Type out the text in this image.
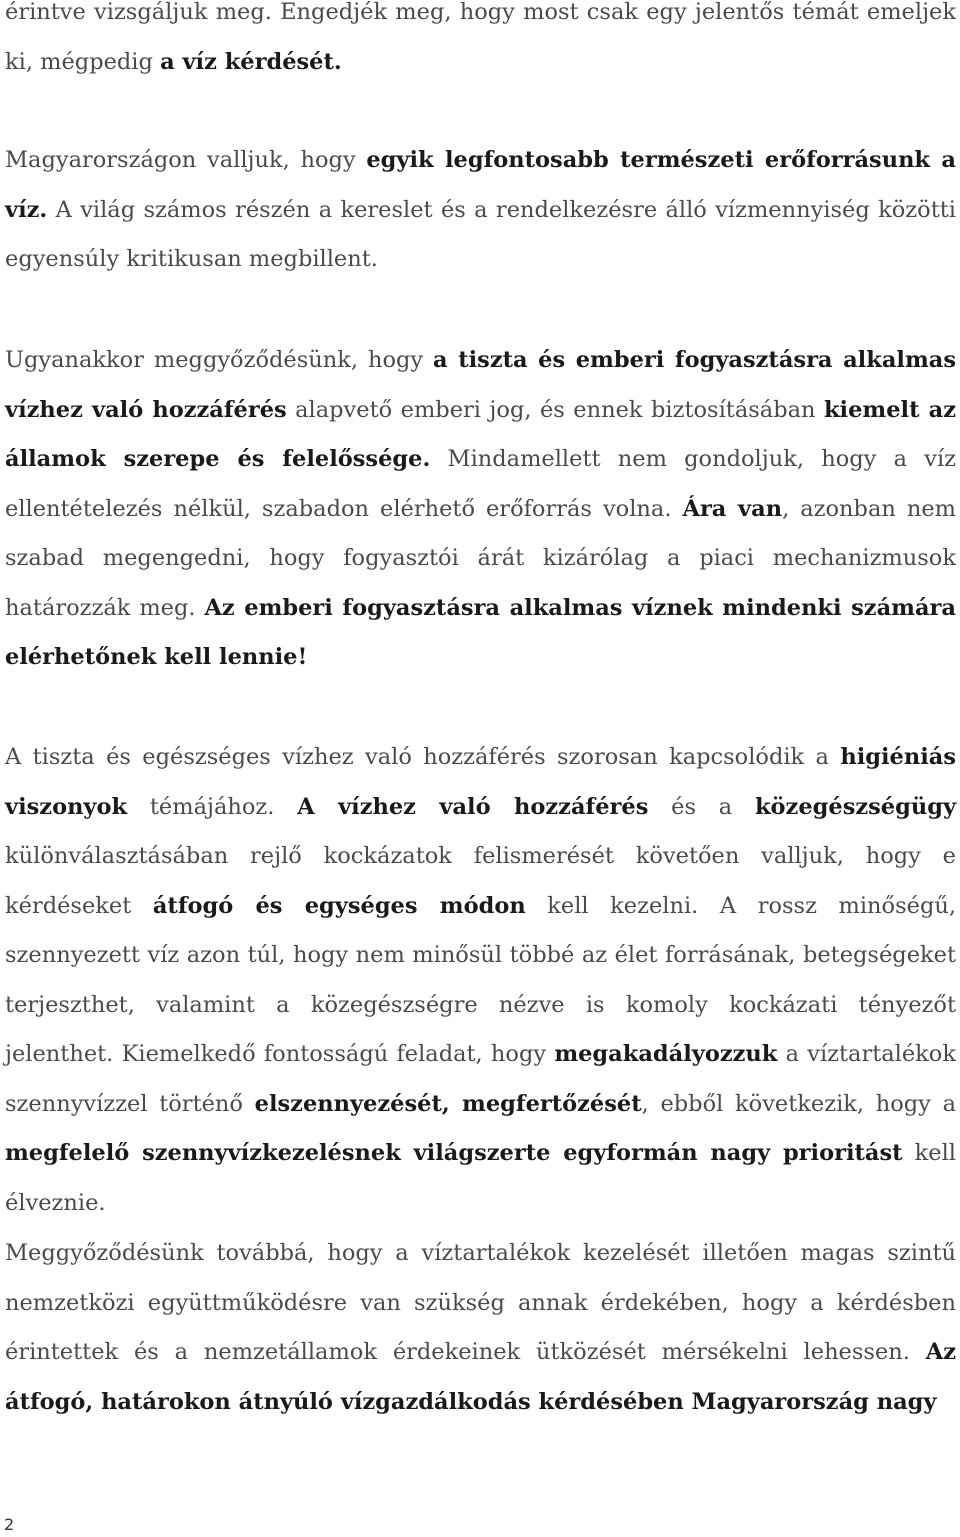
érintve vizsgáljuk meg. Engedjék meg, hogy most csak egy jelentős témát emeljek ki, mégpedig a víz kérdését.

Magyarországon valljuk, hogy egyik legfontosabb természeti erőforrásunk a víz. A világ számos részén a kereslet és a rendelkezésre álló vízmennyiség közötti egyensúly kritikusan megbillent.

Ugyanakkor meggyőződésünk, hogy a tiszta és emberi fogyasztásra alkalmas vízhez való hozzáférés alapvető emberi jog, és ennek biztosításában kiemelt az államok szerepe és felelőssége. Mindamellett nem gondoljuk, hogy a víz ellentételezés nélkül, szabadon elérhető erőforrás volna. Ára van, azonban nem szabad megengedni, hogy fogyasztói árát kizárólag a piaci mechanizmusok határozzák meg. Az emberi fogyasztásra alkalmas víznek mindenki számára elérhetőnek kell lennie!

A tiszta és egészséges vízhez való hozzáférés szorosan kapcsolódik a higiéniás viszonyok témájához. A vízhez való hozzáférés és a közegészségügy különválasztásában rejlő kockázatok felismerését követően valljuk, hogy e kérdéseket átfogó és egységes módon kell kezelni. A rossz minőségű, szennyezett víz azon túl, hogy nem minősül többé az élet forrásának, betegségeket terjeszthet, valamint a közegészségre nézve is komoly kockázati tényezőt jelenthet. Kiemelkedő fontosságú feladat, hogy megakadályozzuk a víztartalékok szennyvízzel történő elszennyezését, megfertőzését, ebből következik, hogy a megfelelő szennyvízkezelésnek világszerte egyformán nagy prioritást kell élveznie.

Meggyőződésünk továbbá, hogy a víztartalékok kezelését illetően magas szintű nemzetközi együttműködésre van szükség annak érdekében, hogy a kérdésben érintettek és a nemzetállamok érdekeinek ütközését mérsékelni lehessen. Az átfogó, határokon átnyúló vízgazdálkodás kérdésében Magyarország nagy

2
